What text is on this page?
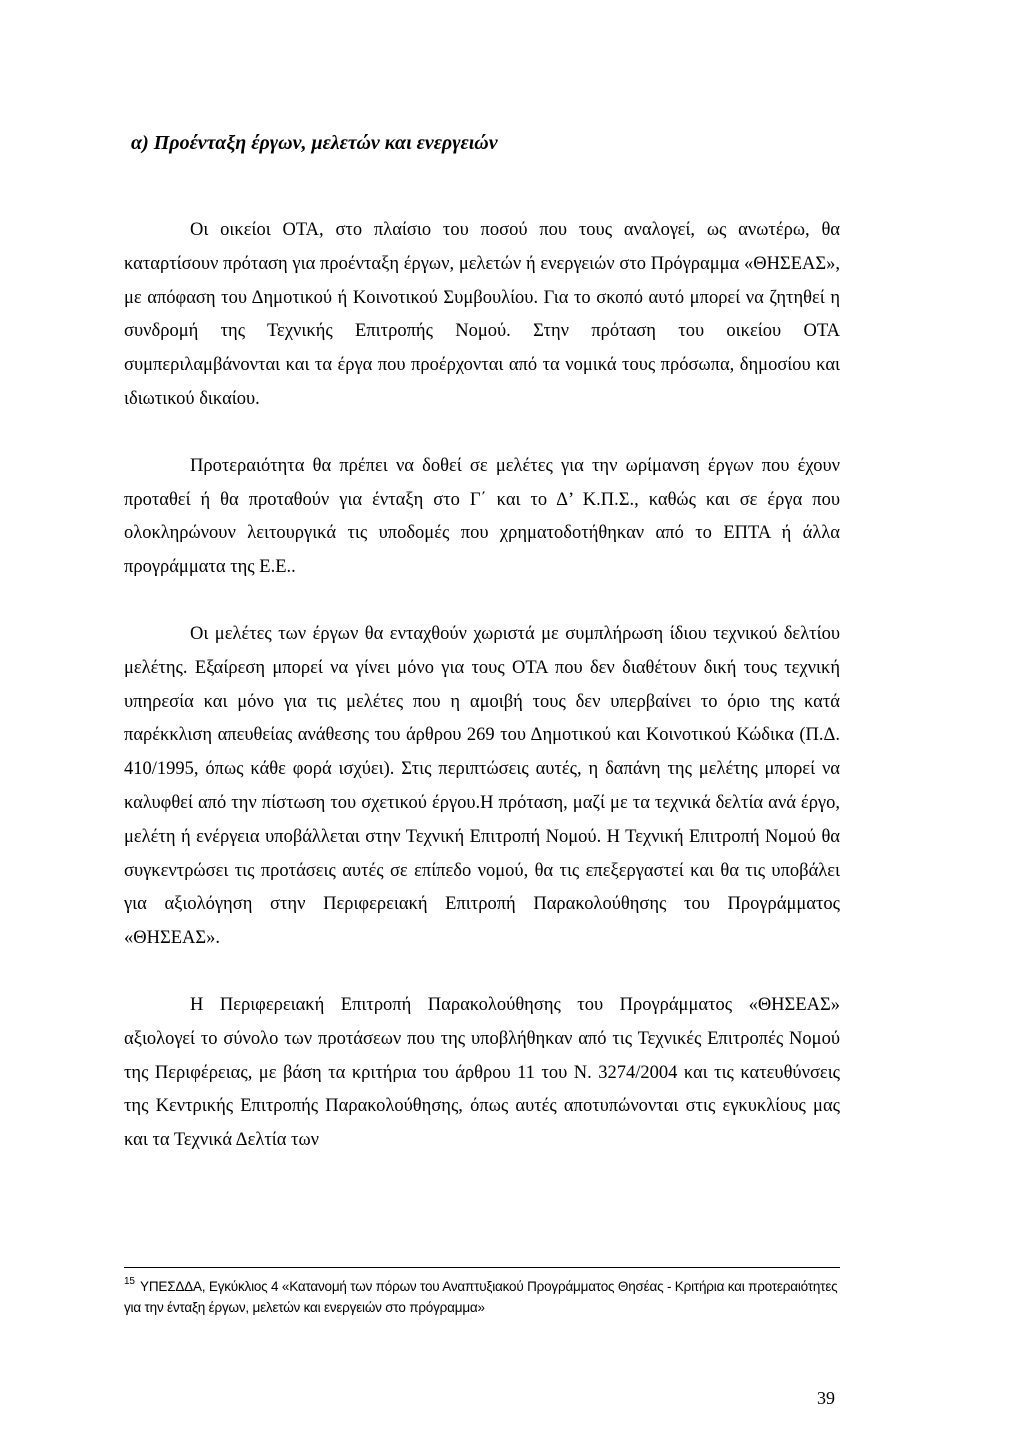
α) Προένταξη έργων, μελετών και ενεργειών

Οι οικείοι ΟΤΑ, στο πλαίσιο του ποσού που τους αναλογεί, ως ανωτέρω, θα καταρτίσουν πρόταση για προένταξη έργων, μελετών ή ενεργειών στο Πρόγραμμα «ΘΗΣΕΑΣ», με απόφαση του Δημοτικού ή Κοινοτικού Συμβουλίου. Για το σκοπό αυτό μπορεί να ζητηθεί η συνδρομή της Τεχνικής Επιτροπής Νομού. Στην πρόταση του οικείου ΟΤΑ συμπεριλαμβάνονται και τα έργα που προέρχονται από τα νομικά τους πρόσωπα, δημοσίου και ιδιωτικού δικαίου.

Προτεραιότητα θα πρέπει να δοθεί σε μελέτες για την ωρίμανση έργων που έχουν προταθεί ή θα προταθούν για ένταξη στο Γ΄ και το Δ’ Κ.Π.Σ., καθώς και σε έργα που ολοκληρώνουν λειτουργικά τις υποδομές που χρηματοδοτήθηκαν από το ΕΠΤΑ ή άλλα προγράμματα της Ε.Ε..

Οι μελέτες των έργων θα ενταχθούν χωριστά με συμπλήρωση ίδιου τεχνικού δελτίου μελέτης. Εξαίρεση μπορεί να γίνει μόνο για τους ΟΤΑ που δεν διαθέτουν δική τους τεχνική υπηρεσία και μόνο για τις μελέτες που η αμοιβή τους δεν υπερβαίνει το όριο της κατά παρέκκλιση απευθείας ανάθεσης του άρθρου 269 του Δημοτικού και Κοινοτικού Κώδικα (Π.Δ. 410/1995, όπως κάθε φορά ισχύει). Στις περιπτώσεις αυτές, η δαπάνη της μελέτης μπορεί να καλυφθεί από την πίστωση του σχετικού έργου.Η πρόταση, μαζί με τα τεχνικά δελτία ανά έργο, μελέτη ή ενέργεια υποβάλλεται στην Τεχνική Επιτροπή Νομού. Η Τεχνική Επιτροπή Νομού θα συγκεντρώσει τις προτάσεις αυτές σε επίπεδο νομού, θα τις επεξεργαστεί και θα τις υποβάλει για αξιολόγηση στην Περιφερειακή Επιτροπή Παρακολούθησης του Προγράμματος «ΘΗΣΕΑΣ».

Η Περιφερειακή Επιτροπή Παρακολούθησης του Προγράμματος «ΘΗΣΕΑΣ» αξιολογεί το σύνολο των προτάσεων που της υποβλήθηκαν από τις Τεχνικές Επιτροπές Νομού της Περιφέρειας, με βάση τα κριτήρια του άρθρου 11 του Ν. 3274/2004 και τις κατευθύνσεις της Κεντρικής Επιτροπής Παρακολούθησης, όπως αυτές αποτυπώνονται στις εγκυκλίους μας και τα Τεχνικά Δελτία των

$^{15}$ ΥΠΕΣΔΔΑ, Εγκύκλιος 4 «Κατανομή των πόρων του Αναπτυξιακού Προγράμματος Θησέας - Κριτήρια και προτεραιότητες για την ένταξη έργων, μελετών και ενεργειών στο πρόγραμμα»
39
